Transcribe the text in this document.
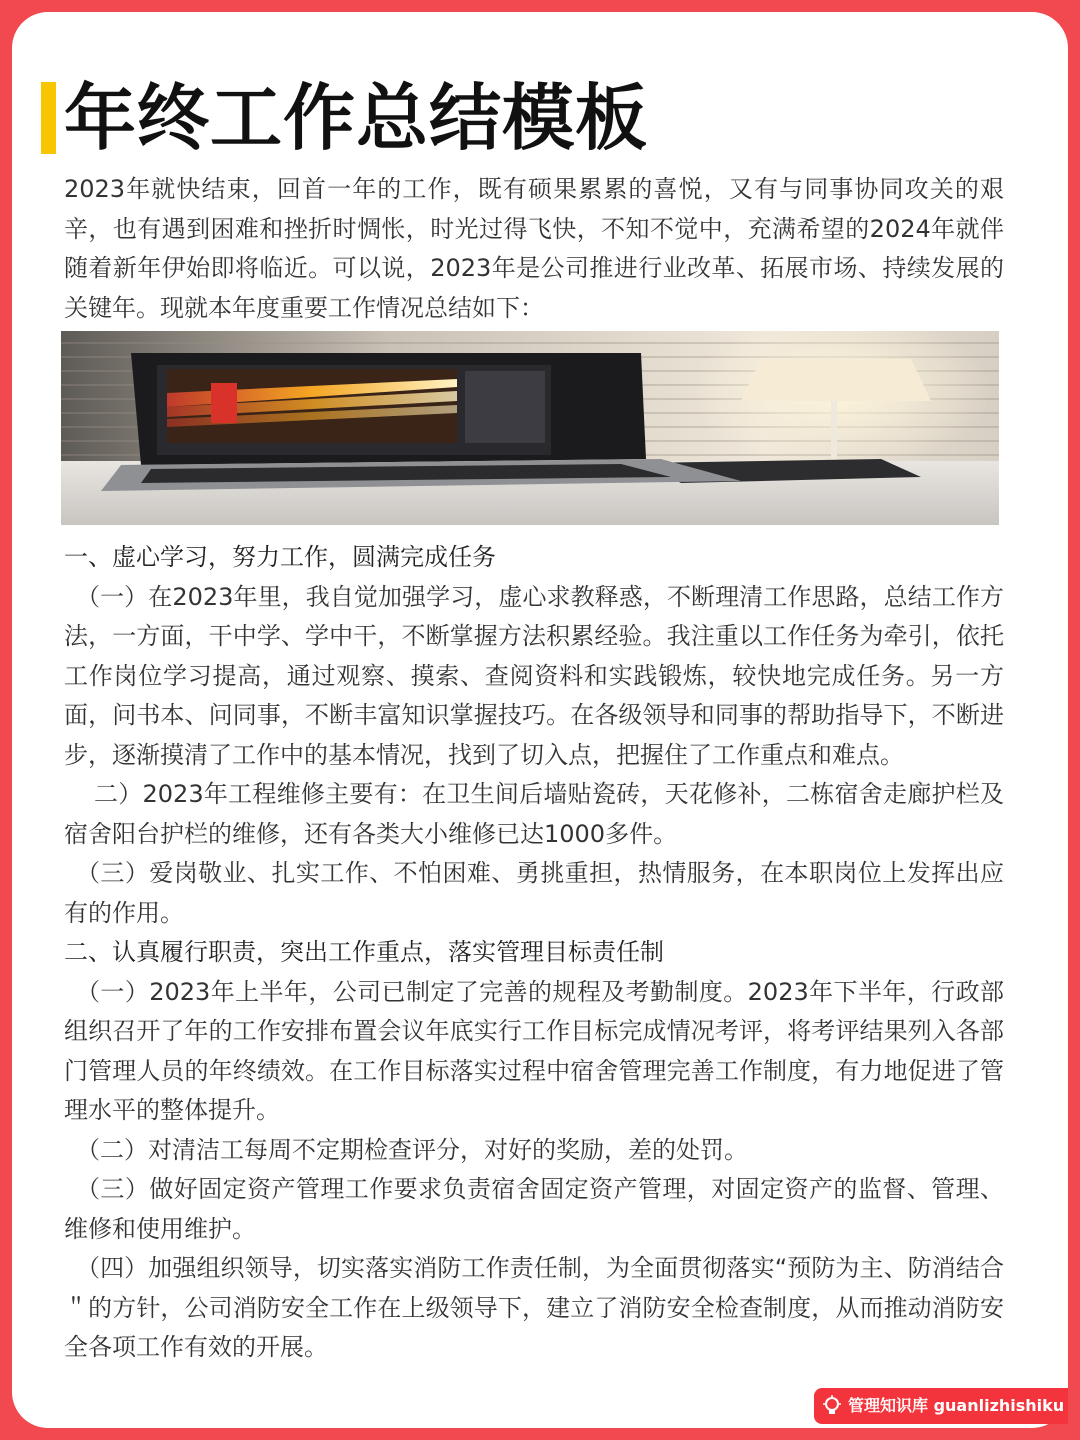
年终工作总结模板

2023年就快结束，回首一年的工作，既有硕果累累的喜悦，又有与同事协同攻关的艰辛，也有遇到困难和挫折时惆怅，时光过得飞快，不知不觉中，充满希望的2024年就伴随着新年伊始即将临近。可以说，2023年是公司推进行业改革、拓展市场、持续发展的关键年。现就本年度重要工作情况总结如下：

一、虚心学习，努力工作，圆满完成任务

（一）在2023年里，我自觉加强学习，虚心求教释惑，不断理清工作思路，总结工作方法，一方面，干中学、学中干，不断掌握方法积累经验。我注重以工作任务为牵引，依托工作岗位学习提高，通过观察、摸索、查阅资料和实践锻炼，较快地完成任务。另一方面，问书本、问同事，不断丰富知识掌握技巧。在各级领导和同事的帮助指导下，不断进步，逐渐摸清了工作中的基本情况，找到了切入点，把握住了工作重点和难点。

二）2023年工程维修主要有：在卫生间后墙贴瓷砖，天花修补，二栋宿舍走廊护栏及宿舍阳台护栏的维修，还有各类大小维修已达1000多件。

（三）爱岗敬业、扎实工作、不怕困难、勇挑重担，热情服务，在本职岗位上发挥出应有的作用。

二、认真履行职责，突出工作重点，落实管理目标责任制

（一）2023年上半年，公司已制定了完善的规程及考勤制度。2023年下半年，行政部组织召开了年的工作安排布置会议年底实行工作目标完成情况考评，将考评结果列入各部门管理人员的年终绩效。在工作目标落实过程中宿舍管理完善工作制度，有力地促进了管理水平的整体提升。

（二）对清洁工每周不定期检查评分，对好的奖励，差的处罚。

（三）做好固定资产管理工作要求负责宿舍固定资产管理，对固定资产的监督、管理、维修和使用维护。

（四）加强组织领导，切实落实消防工作责任制，为全面贯彻落实“预防为主、防消结合＂的方针，公司消防安全工作在上级领导下，建立了消防安全检查制度，从而推动消防安全各项工作有效的开展。

管理知识库 guanlizhishiku
